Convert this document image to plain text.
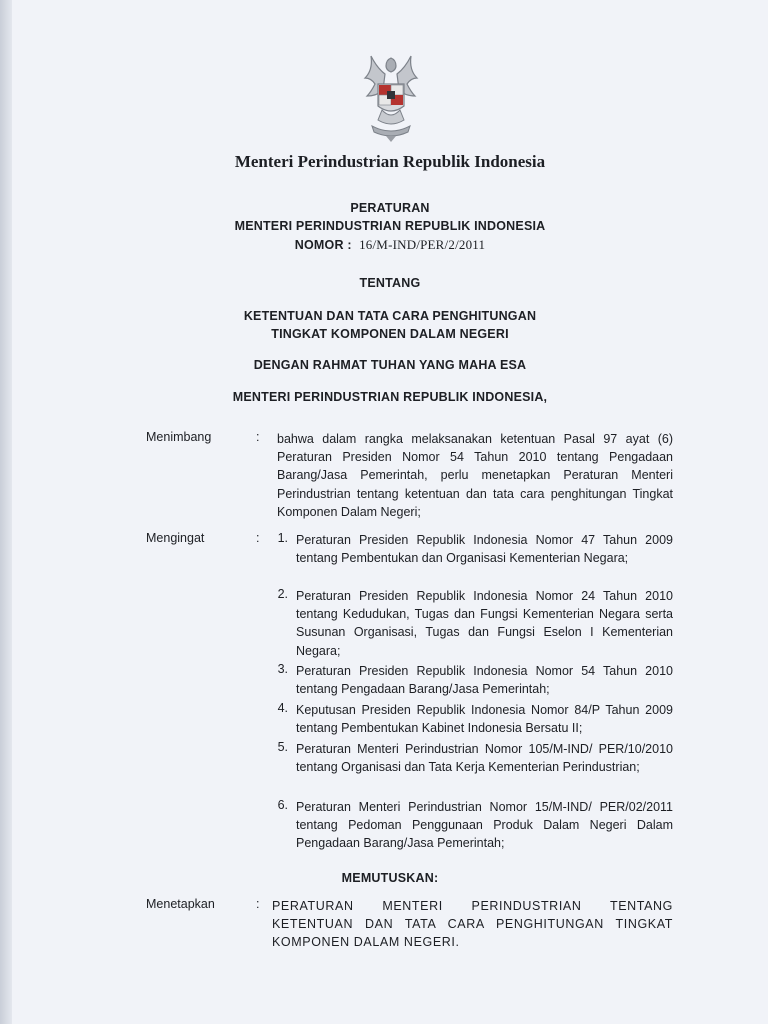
Menteri Perindustrian Republik Indonesia
PERATURAN
MENTERI PERINDUSTRIAN REPUBLIK INDONESIA
NOMOR : 16/M-IND/PER/2/2011
TENTANG
KETENTUAN DAN TATA CARA PENGHITUNGAN
TINGKAT KOMPONEN DALAM NEGERI
DENGAN RAHMAT TUHAN YANG MAHA ESA
MENTERI PERINDUSTRIAN REPUBLIK INDONESIA,
Menimbang	: bahwa dalam rangka melaksanakan ketentuan Pasal 97 ayat (6) Peraturan Presiden Nomor 54 Tahun 2010 tentang Pengadaan Barang/Jasa Pemerintah, perlu menetapkan Peraturan Menteri Perindustrian tentang ketentuan dan tata cara penghitungan Tingkat Komponen Dalam Negeri;
Mengingat	:	1. Peraturan Presiden Republik Indonesia Nomor 47 Tahun 2009 tentang Pembentukan dan Organisasi Kementerian Negara;
2. Peraturan Presiden Republik Indonesia Nomor 24 Tahun 2010 tentang Kedudukan, Tugas dan Fungsi Kementerian Negara serta Susunan Organisasi, Tugas dan Fungsi Eselon I Kementerian Negara;
3. Peraturan Presiden Republik Indonesia Nomor 54 Tahun 2010 tentang Pengadaan Barang/Jasa Pemerintah;
4. Keputusan Presiden Republik Indonesia Nomor 84/P Tahun 2009 tentang Pembentukan Kabinet Indonesia Bersatu II;
5. Peraturan Menteri Perindustrian Nomor 105/M-IND/ PER/10/2010 tentang Organisasi dan Tata Kerja Kementerian Perindustrian;
6. Peraturan Menteri Perindustrian Nomor 15/M-IND/ PER/02/2011 tentang Pedoman Penggunaan Produk Dalam Negeri Dalam Pengadaan Barang/Jasa Pemerintah;
MEMUTUSKAN:
Menetapkan	: PERATURAN MENTERI PERINDUSTRIAN TENTANG KETENTUAN DAN TATA CARA PENGHITUNGAN TINGKAT KOMPONEN DALAM NEGERI.
